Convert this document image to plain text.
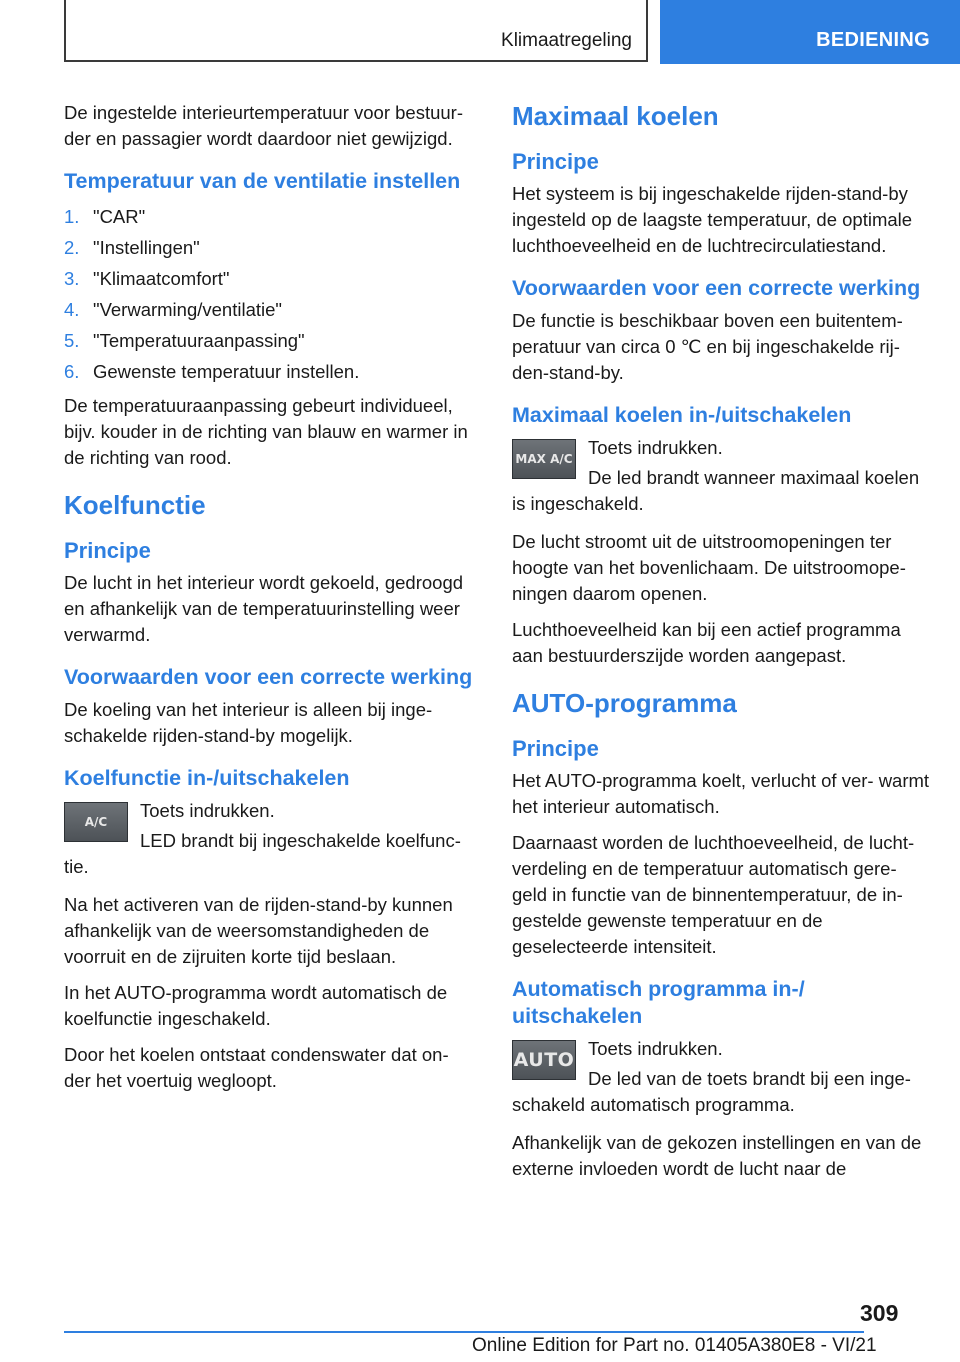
Klimaatregeling	BEDIENING

De ingestelde interieurtemperatuur voor bestuur- der en passagier wordt daardoor niet gewijzigd.

Temperatuur van de ventilatie instellen
1. "CAR"
2. "Instellingen"
3. "Klimaatcomfort"
4. "Verwarming/ventilatie"
5. "Temperatuuraanpassing"
6. Gewenste temperatuur instellen.

De temperatuuraanpassing gebeurt individueel, bijv. kouder in de richting van blauw en warmer in de richting van rood.

Koelfunctie
Principe

De lucht in het interieur wordt gekoeld, gedroogd en afhankelijk van de temperatuurinstelling weer verwarmd.

Voorwaarden voor een correcte werking

De koeling van het interieur is alleen bij inge- schakelde rijden-stand-by mogelijk.

Koelfunctie in-/uitschakelen
A/C

Toets indrukken.

LED brandt bij ingeschakelde koelfunc- tie.

Na het activeren van de rijden-stand-by kunnen afhankelijk van de weersomstandigheden de voorruit en de zijruiten korte tijd beslaan.

In het AUTO-programma wordt automatisch de koelfunctie ingeschakeld.

Door het koelen ontstaat condenswater dat on- der het voertuig wegloopt.

Maximaal koelen
Principe

Het systeem is bij ingeschakelde rijden-stand-by ingesteld op de laagste temperatuur, de optimale luchthoeveelheid en de luchtrecirculatiestand.

Voorwaarden voor een correcte werking

De functie is beschikbaar boven een buitentem- peratuur van circa 0 ℃ en bij ingeschakelde rij- den-stand-by.

Maximaal koelen in-/uitschakelen
MAX A/C

Toets indrukken.

De led brandt wanneer maximaal koelen is ingeschakeld.

De lucht stroomt uit de uitstroomopeningen ter hoogte van het bovenlichaam. De uitstroomope- ningen daarom openen.

Luchthoeveelheid kan bij een actief programma aan bestuurderszijde worden aangepast.

AUTO-programma
Principe

Het AUTO-programma koelt, verlucht of ver- warmt het interieur automatisch.

Daarnaast worden de luchthoeveelheid, de lucht- verdeling en de temperatuur automatisch gere- geld in functie van de binnentemperatuur, de in- gestelde gewenste temperatuur en de geselecteerde intensiteit.

Automatisch programma in-/ uitschakelen
AUTO

Toets indrukken.

De led van de toets brandt bij een inge- schakeld automatisch programma.

Afhankelijk van de gekozen instellingen en van de externe invloeden wordt de lucht naar de

309
Online Edition for Part no. 01405A380E8 - VI/21
